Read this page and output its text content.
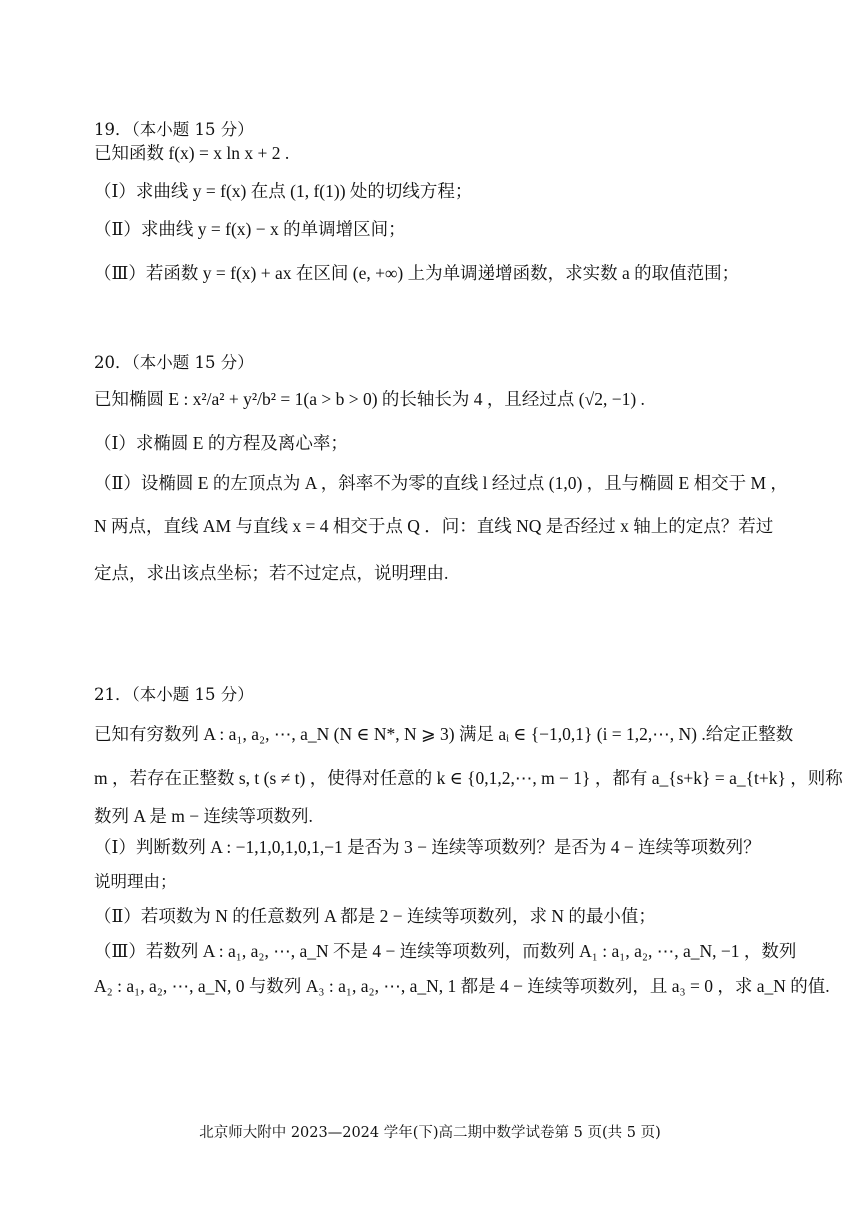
19．（本小题 15 分）
已知函数 f(x) = x ln x + 2 .
（Ⅰ）求曲线 y = f(x) 在点 (1, f(1)) 处的切线方程；
（Ⅱ）求曲线 y = f(x) − x 的单调增区间；
（Ⅲ）若函数 y = f(x) + ax 在区间 (e, +∞) 上为单调递增函数，求实数 a 的取值范围；
20．（本小题 15 分）
已知椭圆 E : x²/a² + y²/b² = 1(a > b > 0) 的长轴长为 4 ，且经过点 (√2, −1) .
（Ⅰ）求椭圆 E 的方程及离心率；
（Ⅱ）设椭圆 E 的左顶点为 A ，斜率不为零的直线 l 经过点 (1,0) ，且与椭圆 E 相交于 M ，
N 两点，直线 AM 与直线 x = 4 相交于点 Q ．问：直线 NQ 是否经过 x 轴上的定点？若过
定点，求出该点坐标；若不过定点，说明理由.
21．（本小题 15 分）
已知有穷数列 A : a₁, a₂, ⋯, a_N (N ∈ N*, N ⩾ 3) 满足 aᵢ ∈ {−1,0,1} (i = 1,2,⋯, N) .给定正整数
m ，若存在正整数 s, t (s ≠ t) ，使得对任意的 k ∈ {0,1,2,⋯, m − 1} ，都有 a_{s+k} = a_{t+k} ，则称
数列 A 是 m − 连续等项数列.
（Ⅰ）判断数列 A : −1,1,0,1,0,1,−1 是否为 3 − 连续等项数列？是否为 4 − 连续等项数列？
说明理由；
（Ⅱ）若项数为 N 的任意数列 A 都是 2 − 连续等项数列，求 N 的最小值；
（Ⅲ）若数列 A : a₁, a₂, ⋯, a_N 不是 4 − 连续等项数列，而数列 A₁ : a₁, a₂, ⋯, a_N, −1 ，数列
A₂ : a₁, a₂, ⋯, a_N, 0 与数列 A₃ : a₁, a₂, ⋯, a_N, 1 都是 4 − 连续等项数列，且 a₃ = 0 ，求 a_N 的值.
北京师大附中 2023—2024 学年(下)高二期中数学试卷第 5 页(共 5 页)
